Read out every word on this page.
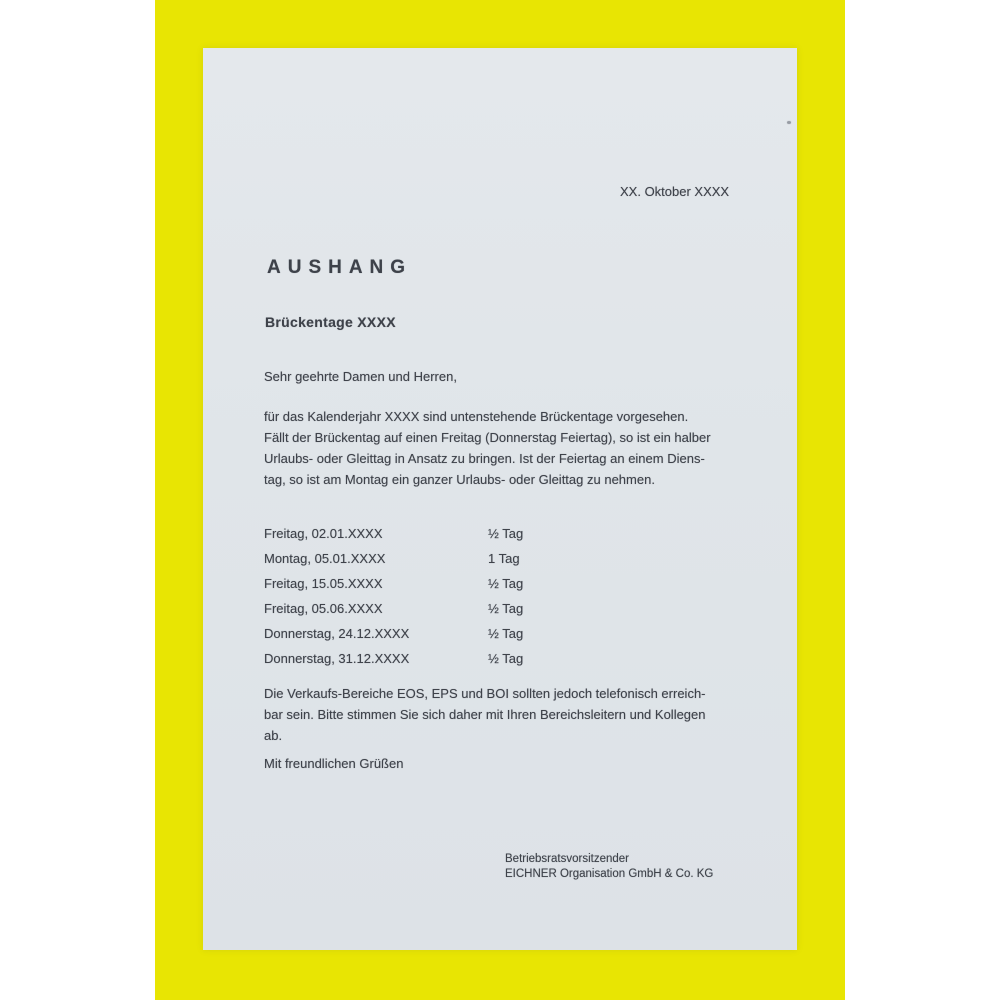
XX. Oktober XXXX
AUSHANG
Brückentage XXXX
Sehr geehrte Damen und Herren,
für das Kalenderjahr XXXX sind untenstehende Brückentage vorgesehen.
Fällt der Brückentag auf einen Freitag (Donnerstag Feiertag), so ist ein halber
Urlaubs- oder Gleittag in Ansatz zu bringen. Ist der Feiertag an einem Diens-
tag, so ist am Montag ein ganzer Urlaubs- oder Gleittag zu nehmen.
Freitag, 02.01.XXXX	½ Tag
Montag, 05.01.XXXX	1 Tag
Freitag, 15.05.XXXX	½ Tag
Freitag, 05.06.XXXX	½ Tag
Donnerstag, 24.12.XXXX	½ Tag
Donnerstag, 31.12.XXXX	½ Tag
Die Verkaufs-Bereiche EOS, EPS und BOI sollten jedoch telefonisch erreich-
bar sein. Bitte stimmen Sie sich daher mit Ihren Bereichsleitern und Kollegen
ab.
Mit freundlichen Grüßen
Betriebsratsvorsitzender
EICHNER Organisation GmbH & Co. KG
